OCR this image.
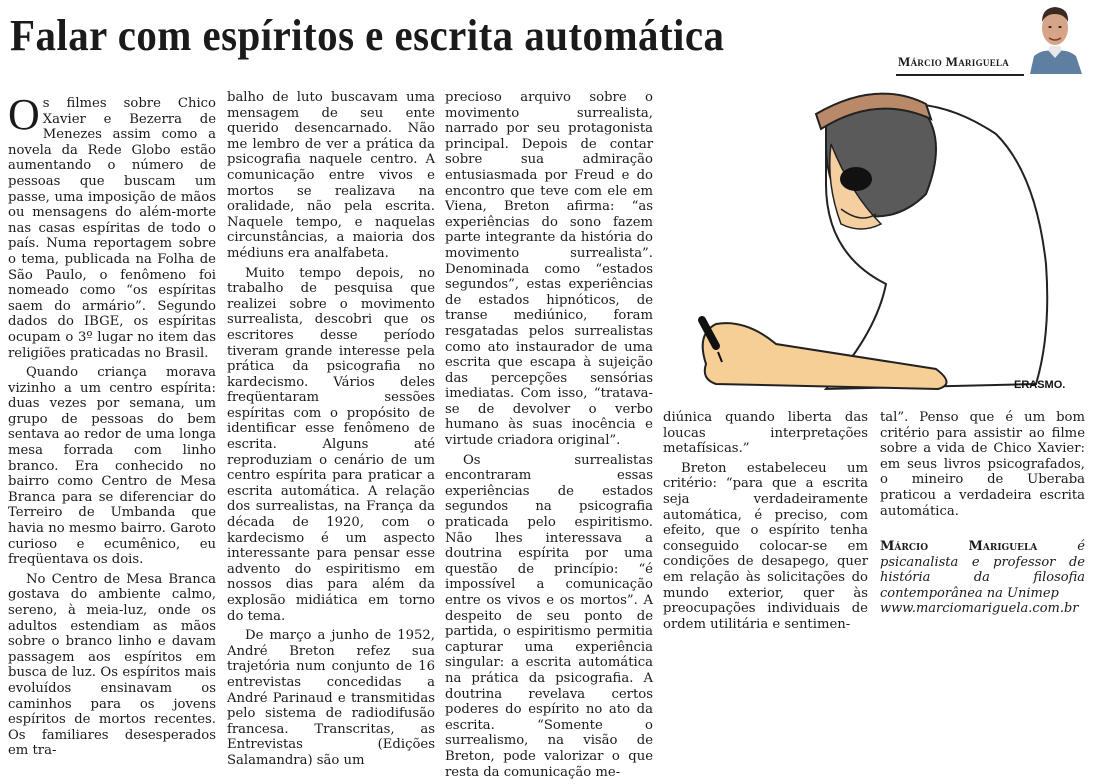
Falar com espíritos e escrita automática
Márcio Mariguela

Os filmes sobre Chico Xavier e Bezerra de Menezes assim como a novela da Rede Globo estão aumentando o número de pessoas que buscam um passe, uma imposição de mãos ou mensagens do além-morte nas casas espíritas de todo o país. Numa reportagem sobre o tema, publicada na Folha de São Paulo, o fenômeno foi nomeado como “os espíritas saem do armário”. Segundo dados do IBGE, os espíritas ocupam o 3º lugar no item das religiões praticadas no Brasil.

Quando criança morava vizinho a um centro espírita: duas vezes por semana, um grupo de pessoas do bem sentava ao redor de uma longa mesa forrada com linho branco. Era conhecido no bairro como Centro de Mesa Branca para se diferenciar do Terreiro de Umbanda que havia no mesmo bairro. Garoto curioso e ecumênico, eu freqüentava os dois.

No Centro de Mesa Branca gostava do ambiente calmo, sereno, à meia-luz, onde os adultos estendiam as mãos sobre o branco linho e davam passagem aos espíritos em busca de luz. Os espíritos mais evoluídos ensinavam os caminhos para os jovens espíritos de mortos recentes. Os familiares desesperados em tra-

balho de luto buscavam uma mensagem de seu ente querido desencarnado. Não me lembro de ver a prática da psicografia naquele centro. A comunicação entre vivos e mortos se realizava na oralidade, não pela escrita. Naquele tempo, e naquelas circunstâncias, a maioria dos médiuns era analfabeta.

Muito tempo depois, no trabalho de pesquisa que realizei sobre o movimento surrealista, descobri que os escritores desse período tiveram grande interesse pela prática da psicografia no kardecismo. Vários deles freqüentaram sessões espíritas com o propósito de identificar esse fenômeno de escrita. Alguns até reproduziam o cenário de um centro espírita para praticar a escrita automática. A relação dos surrealistas, na França da década de 1920, com o kardecismo é um aspecto interessante para pensar esse advento do espiritismo em nossos dias para além da explosão midiática em torno do tema.

De março a junho de 1952, André Breton refez sua trajetória num conjunto de 16 entrevistas concedidas a André Parinaud e transmitidas pelo sistema de radiodifusão francesa. Transcritas, as Entrevistas (Edições Salamandra) são um

precioso arquivo sobre o movimento surrealista, narrado por seu protagonista principal. Depois de contar sobre sua admiração entusiasmada por Freud e do encontro que teve com ele em Viena, Breton afirma: “as experiências do sono fazem parte integrante da história do movimento surrealista”. Denominada como “estados segundos”, estas experiências de estados hipnóticos, de transe mediúnico, foram resgatadas pelos surrealistas como ato instaurador de uma escrita que escapa à sujeição das percepções sensórias imediatas. Com isso, “tratava-se de devolver o verbo humano às suas inocência e virtude criadora original”.

Os surrealistas encontraram essas experiências de estados segundos na psicografia praticada pelo espiritismo. Não lhes interessava a doutrina espírita por uma questão de princípio: “é impossível a comunicação entre os vivos e os mortos”. A despeito de seu ponto de partida, o espiritismo permitia capturar uma experiência singular: a escrita automática na prática da psicografia. A doutrina revelava certos poderes do espírito no ato da escrita. “Somente o surrealismo, na visão de Breton, pode valorizar o que resta da comunicação me-

ERASMO.

diúnica quando liberta das loucas interpretações metafísicas.”

Breton estabeleceu um critério: “para que a escrita seja verdadeiramente automática, é preciso, com efeito, que o espírito tenha conseguido colocar-se em condições de desapego, quer em relação às solicitações do mundo exterior, quer às preocupações individuais de ordem utilitária e sentimen-

tal”. Penso que é um bom critério para assistir ao filme sobre a vida de Chico Xavier: em seus livros psicografados, o mineiro de Uberaba praticou a verdadeira escrita automática.

Márcio Mariguela	é psicanalista e professor de história da filosofia contemporânea na Unimep
www.marciomariguela.com.br
